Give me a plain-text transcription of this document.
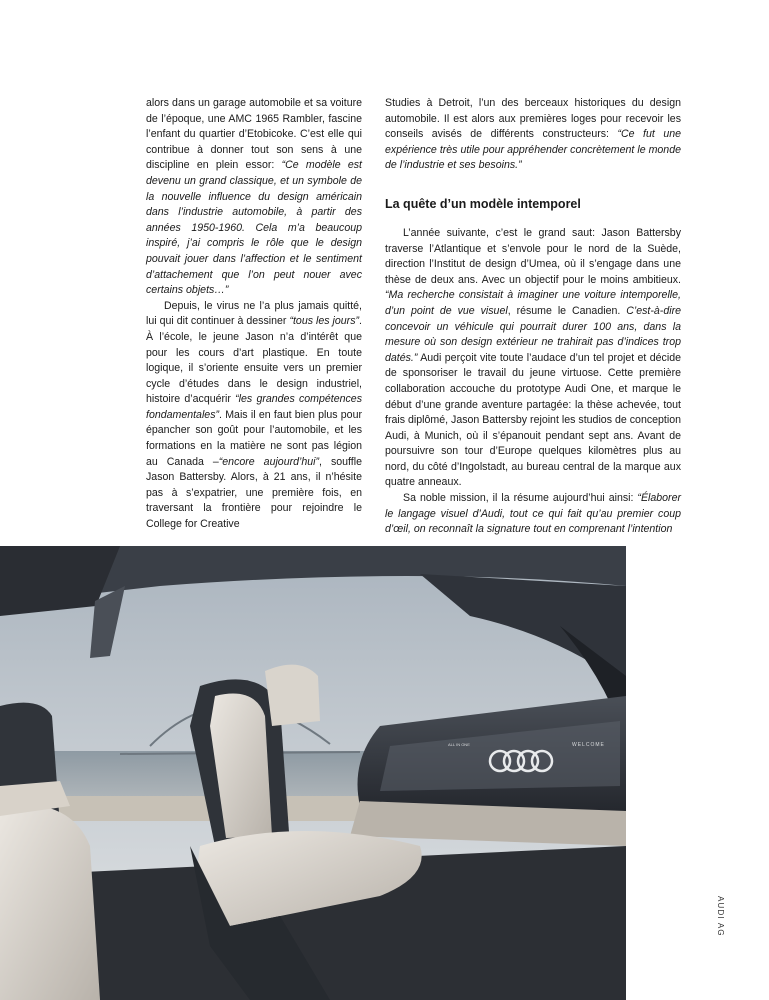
alors dans un garage automobile et sa voiture de l’époque, une AMC 1965 Rambler, fascine l’enfant du quartier d’Etobicoke. C’est elle qui contribue à donner tout son sens à une discipline en plein essor: “Ce modèle est devenu un grand classique, et un symbole de la nouvelle influence du design américain dans l’industrie automobile, à partir des années 1950-1960. Cela m’a beaucoup inspiré, j’ai compris le rôle que le design pouvait jouer dans l’affection et le sentiment d’attachement que l’on peut nouer avec certains objets…”

Depuis, le virus ne l’a plus jamais quitté, lui qui dit continuer à dessiner “tous les jours”. À l’école, le jeune Jason n’a d’intérêt que pour les cours d’art plastique. En toute logique, il s’oriente ensuite vers un premier cycle d’études dans le design industriel, histoire d’acquérir “les grandes compétences fondamentales”. Mais il en faut bien plus pour épancher son goût pour l’automobile, et les formations en la matière ne sont pas légion au Canada –“encore aujourd’hui”, souffle Jason Battersby. Alors, à 21 ans, il n’hésite pas à s’expatrier, une première fois, en traversant la frontière pour rejoindre le College for Creative

Studies à Detroit, l’un des berceaux historiques du design automobile. Il est alors aux premières loges pour recevoir les conseils avisés de différents constructeurs: “Ce fut une expérience très utile pour appréhender concrètement le monde de l’industrie et ses besoins.”

La quête d’un modèle intemporel

L’année suivante, c’est le grand saut: Jason Battersby traverse l’Atlantique et s’envole pour le nord de la Suède, direction l’Institut de design d’Umea, où il s’engage dans une thèse de deux ans. Avec un objectif pour le moins ambitieux. “Ma recherche consistait à imaginer une voiture intemporelle, d’un point de vue visuel, résume le Canadien. C’est-à-dire concevoir un véhicule qui pourrait durer 100 ans, dans la mesure où son design extérieur ne trahirait pas d’indices trop datés.” Audi perçoit vite toute l’audace d’un tel projet et décide de sponsoriser le travail du jeune virtuose. Cette première collaboration accouche du prototype Audi One, et marque le début d’une grande aventure partagée: la thèse achevée, tout frais diplômé, Jason Battersby rejoint les studios de conception Audi, à Munich, où il s’épanouit pendant sept ans. Avant de poursuivre son tour d’Europe quelques kilomètres plus au nord, du côté d’Ingolstadt, au bureau central de la marque aux quatre anneaux.

Sa noble mission, il la résume aujourd’hui ainsi: “Élaborer le langage visuel d’Audi, tout ce qui fait qu’au premier coup d’œil, on reconnaît la signature tout en comprenant l’intention

WELCOME
ALL IN ONE
AUDI AG
